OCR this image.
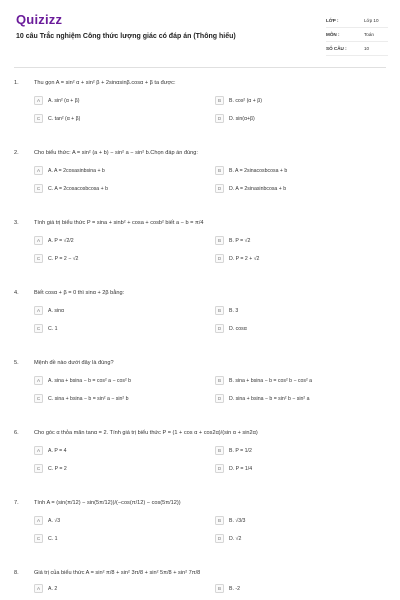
Quizizz
10 câu Trắc nghiệm Công thức lượng giác có đáp án (Thông hiểu)
LỚP :	Lớp 10
MÔN :	Toán
SỐ CÂU :	10
1.	Thu gọn A = sin² α + sin² β + 2sinαsinβ.cosα + β ta được:
A	A. sin² (α + β)	B	B. cos² (α + β)
C	C. tan² (α + β)	D	D. sin(α+β)
2.	Cho biểu thức: A = sin² (a + b) − sin² a − sin² b.Chọn đáp án đúng:
A	A. A = 2cosasinbsina + b	B	B. A = 2sinacosbcosa + b
C	C. A = 2cosacosbcosa + b	D	D. A = 2sinasinbcosa + b
3.	Tính giá trị biểu thức P = sina + sinb² + cosa + cosb² biết a − b = π/4
A	A. P = √2/2	B	B. P = √2
C	C. P = 2 − √2	D	D. P = 2 + √2
4.	Biết cosα + β = 0 thì sinα + 2β bằng:
A	A. sinα	B	B. 3
C	C. 1	D	D. cosα
5.	Mệnh đề nào dưới đây là đúng?
A	A. sina + bsina − b = cos² a − cos² b	B	B. sina + bsina − b = cos² b − cos² a
C	C. sina + bsina − b = sin² a − sin² b	D	D. sina + bsina − b = sin² b − sin² a
6.	Cho góc α thỏa mãn tanα = 2. Tính giá trị biểu thức P = (1 + cos α + cos2α)/(sin α + sin2α)
A	A. P = 4	B	B. P = 1/2
C	C. P = 2	D	D. P = 1/4
7.	Tính A = (sin(π/12) − sin(5π/12))/(−cos(π/12) − cos(5π/12))
A	A. √3	B	B. √3/3
C	C. 1	D	D. √2
8.	Giá trị của biểu thức A = sin² π/8 + sin² 3π/8 + sin² 5π/8 + sin² 7π/8
A	A. 2	B	B. -2
